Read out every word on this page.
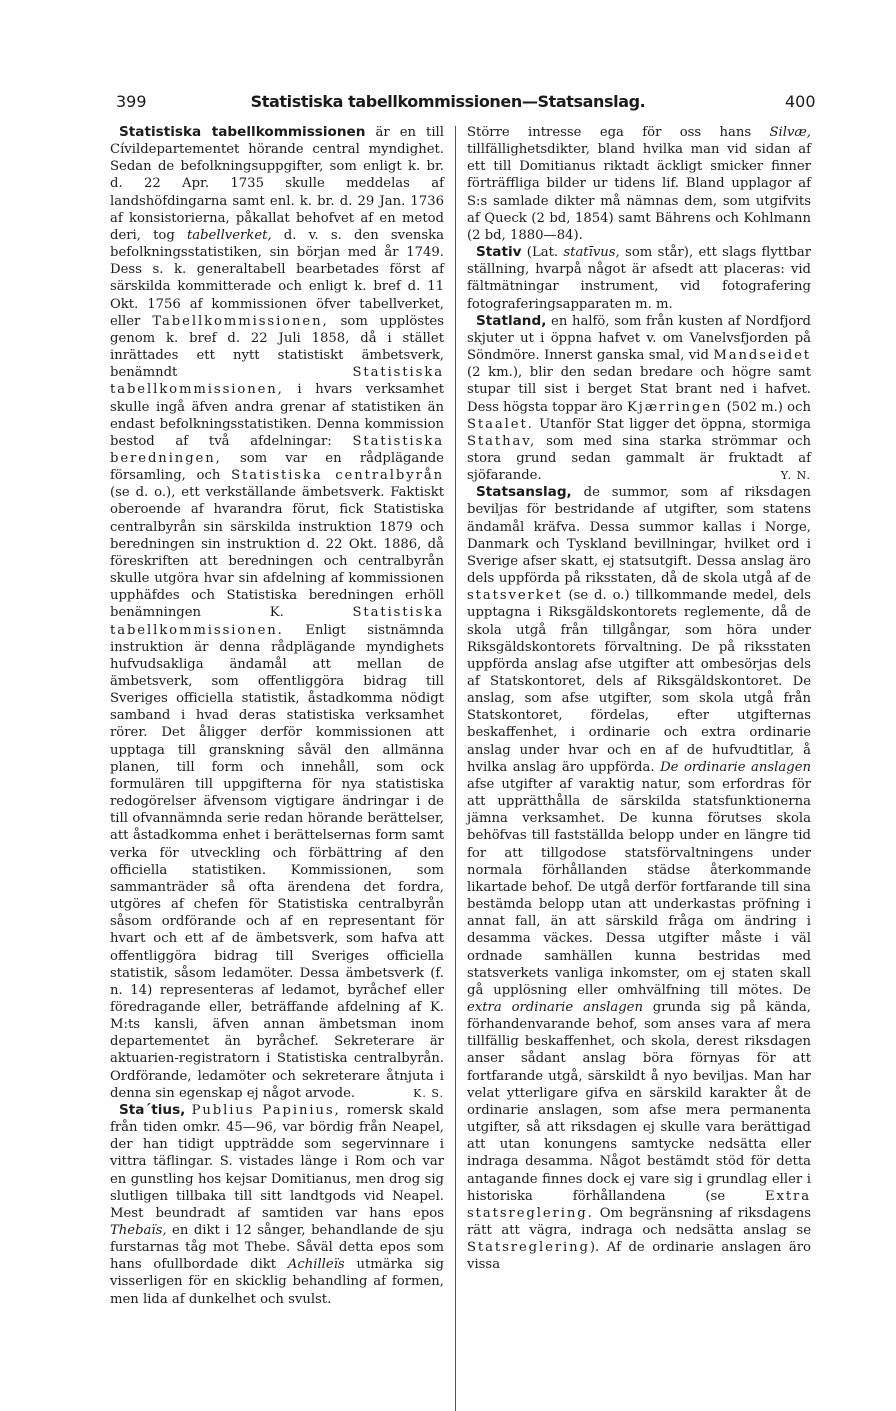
399	Statistiska tabellkommissionen—Statsanslag.	400

Statistiska tabellkommissionen är en till Cívildepartementet hörande central myndighet. Sedan de befolkningsuppgifter, som enligt k. br. d. 22 Apr. 1735 skulle meddelas af landshöfdingarna samt enl. k. br. d. 29 Jan. 1736 af konsistorierna, påkallat behofvet af en metod deri, tog tabellverket, d. v. s. den svenska befolkningsstatistiken, sin början med år 1749. Dess s. k. generaltabell bearbetades först af särskilda kommitterade och enligt k. bref d. 11 Okt. 1756 af kommissionen öfver tabellverket, eller Tabellkommissionen, som upplöstes genom k. bref d. 22 Juli 1858, då i stället inrättades ett nytt statistiskt ämbetsverk, benämndt Statistiska tabellkommissionen, i hvars verksamhet skulle ingå äfven andra grenar af statistiken än endast befolkningsstatistiken. Denna kommission bestod af två afdelningar: Statistiska beredningen, som var en rådplägande församling, och Statistiska centralbyrån (se d. o.), ett verkställande ämbetsverk. Faktiskt oberoende af hvarandra förut, fick Statistiska centralbyrån sin särskilda instruktion 1879 och beredningen sin instruktion d. 22 Okt. 1886, då föreskriften att beredningen och centralbyrån skulle utgöra hvar sin afdelning af kommissionen upphäfdes och Statistiska beredningen erhöll benämningen K. Statistiska tabellkommissionen. Enligt sistnämnda instruktion är denna rådplägande myndighets hufvudsakliga ändamål att mellan de ämbetsverk, som offentliggöra bidrag till Sveriges officiella statistik, åstadkomma nödigt samband i hvad deras statistiska verksamhet rörer. Det åligger derför kommissionen att upptaga till granskning såväl den allmänna planen, till form och innehåll, som ock formulären till uppgifterna för nya statistiska redogörelser äfvensom vigtigare ändringar i de till ofvannämnda serie redan hörande berättelser, att åstadkomma enhet i berättelsernas form samt verka för utveckling och förbättring af den officiella statistiken. Kommissionen, som sammanträder så ofta ärendena det fordra, utgöres af chefen för Statistiska centralbyrån såsom ordförande och af en representant för hvart och ett af de ämbetsverk, som hafva att offentliggöra bidrag till Sveriges officiella statistik, såsom ledamöter. Dessa ämbetsverk (f. n. 14) representeras af ledamot, byråchef eller föredragande eller, beträffande afdelning af K. M:ts kansli, äfven annan ämbetsman inom departementet än byråchef. Sekreterare är aktuarien-registratorn i Statistiska centralbyrån. Ordförande, ledamöter och sekreterare åtnjuta i denna sin egenskap ej något arvode.	K. S.

Sta´tius, Publius Papinius, romersk skald från tiden omkr. 45—96, var bördig från Neapel, der han tidigt uppträdde som segervinnare i vittra täflingar. S. vistades länge i Rom och var en gunstling hos kejsar Domitianus, men drog sig slutligen tillbaka till sitt landtgods vid Neapel. Mest beundradt af samtiden var hans epos Thebaïs, en dikt i 12 sånger, behandlande de sju furstarnas tåg mot Thebe. Såväl detta epos som hans ofullbordade dikt Achilleïs utmärka sig visserligen för en skicklig behandling af formen, men lida af dunkelhet och svulst.

Större intresse ega för oss hans Silvæ, tillfällighetsdikter, bland hvilka man vid sidan af ett till Domitianus riktadt äckligt smicker finner förträffliga bilder ur tidens lif. Bland upplagor af S:s samlade dikter må nämnas dem, som utgifvits af Queck (2 bd, 1854) samt Bährens och Kohlmann (2 bd, 1880—84).

Stativ (Lat. statīvus, som står), ett slags flyttbar ställning, hvarpå något är afsedt att placeras: vid fältmätningar instrument, vid fotografering fotograferingsapparaten m. m.

Statland, en halfö, som från kusten af Nordfjord skjuter ut i öppna hafvet v. om Vanelvsfjorden på Söndmöre. Innerst ganska smal, vid Mandseidet (2 km.), blir den sedan bredare och högre samt stupar till sist i berget Stat brant ned i hafvet. Dess högsta toppar äro Kjærringen (502 m.) och Staalet. Utanför Stat ligger det öppna, stormiga Stathav, som med sina starka strömmar och stora grund sedan gammalt är fruktadt af sjöfarande.	Y. N.

Statsanslag, de summor, som af riksdagen beviljas för bestridande af utgifter, som statens ändamål kräfva. Dessa summor kallas i Norge, Danmark och Tyskland bevillningar, hvilket ord i Sverige afser skatt, ej statsutgift. Dessa anslag äro dels uppförda på riksstaten, då de skola utgå af de statsverket (se d. o.) tillkommande medel, dels upptagna i Riksgäldskontorets reglemente, då de skola utgå från tillgångar, som höra under Riksgäldskontorets förvaltning. De på riksstaten uppförda anslag afse utgifter att ombesörjas dels af Statskontoret, dels af Riksgäldskontoret. De anslag, som afse utgifter, som skola utgå från Statskontoret, fördelas, efter utgifternas beskaffenhet, i ordinarie och extra ordinarie anslag under hvar och en af de hufvudtitlar, å hvilka anslag äro uppförda. De ordinarie anslagen afse utgifter af varaktig natur, som erfordras för att upprätthålla de särskilda statsfunktionerna jämna verksamhet. De kunna förutses skola behöfvas till fastställda belopp under en längre tid for att tillgodose statsförvaltningens under normala förhållanden städse återkommande likartade behof. De utgå derför fortfarande till sina bestämda belopp utan att underkastas pröfning i annat fall, än att särskild fråga om ändring i desamma väckes. Dessa utgifter måste i väl ordnade samhällen kunna bestridas med statsverkets vanliga inkomster, om ej staten skall gå upplösning eller omhvälfning till mötes. De extra ordinarie anslagen grunda sig på kända, förhandenvarande behof, som anses vara af mera tillfällig beskaffenhet, och skola, derest riksdagen anser sådant anslag böra förnyas för att fortfarande utgå, särskildt å nyo beviljas. Man har velat ytterligare gifva en särskild karakter åt de ordinarie anslagen, som afse mera permanenta utgifter, så att riksdagen ej skulle vara berättigad att utan konungens samtycke nedsätta eller indraga desamma. Något bestämdt stöd för detta antagande finnes dock ej vare sig i grundlag eller i historiska förhållandena (se Extra statsreglering. Om begränsning af riksdagens rätt att vägra, indraga och nedsätta anslag se Statsreglering). Af de ordinarie anslagen äro vissa
